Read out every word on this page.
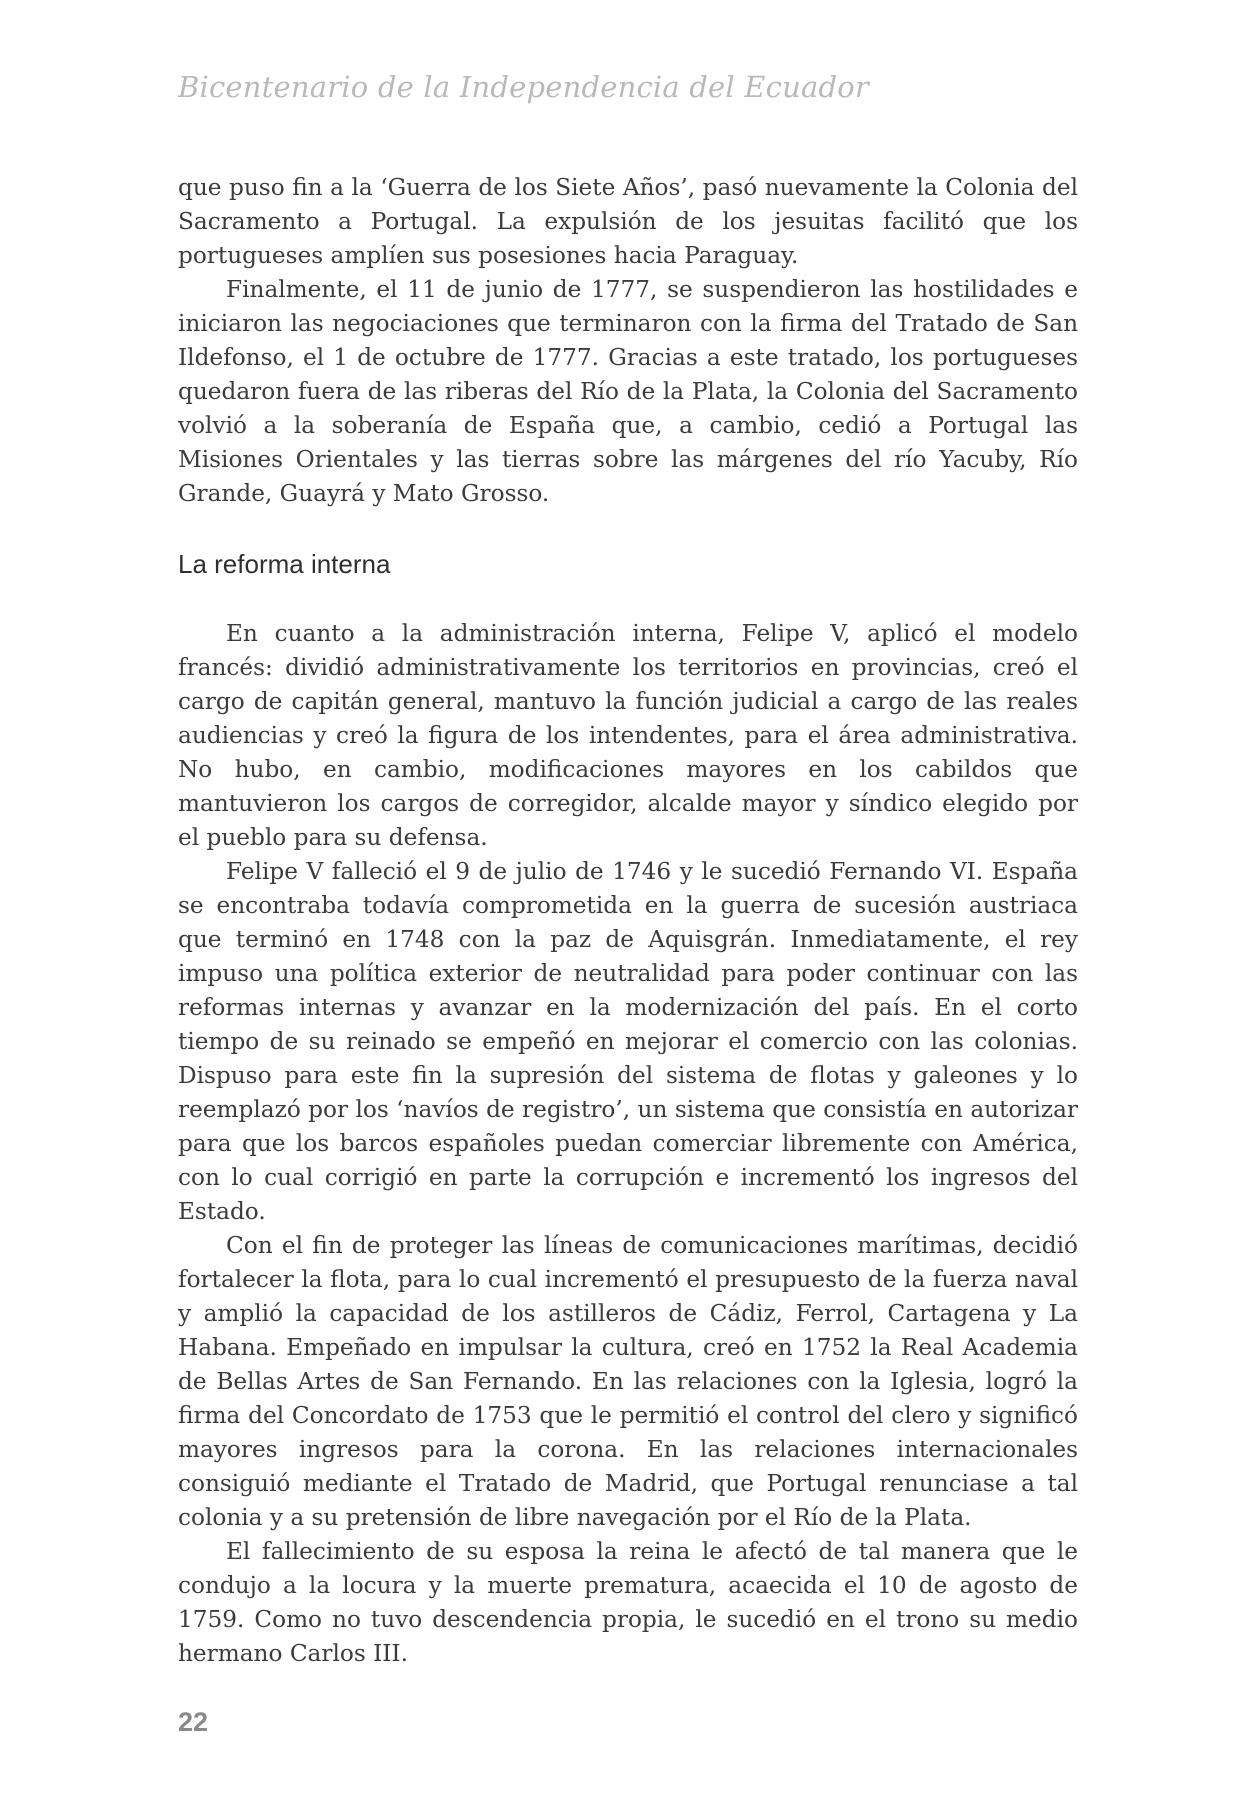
Bicentenario de la Independencia del Ecuador

que puso fin a la ‘Guerra de los Siete Años’, pasó nuevamente la Colonia del Sacramento a Portugal. La expulsión de los jesuitas facilitó que los portugueses amplíen sus posesiones hacia Paraguay.

Finalmente, el 11 de junio de 1777, se suspendieron las hostilidades e iniciaron las negociaciones que terminaron con la firma del Tratado de San Ildefonso, el 1 de octubre de 1777. Gracias a este tratado, los portugueses quedaron fuera de las riberas del Río de la Plata, la Colonia del Sacramento volvió a la soberanía de España que, a cambio, cedió a Portugal las Misiones Orientales y las tierras sobre las márgenes del río Yacuby, Río Grande, Guayrá y Mato Grosso.

La reforma interna

En cuanto a la administración interna, Felipe V, aplicó el modelo francés: dividió administrativamente los territorios en provincias, creó el cargo de capitán general, mantuvo la función judicial a cargo de las reales audiencias y creó la figura de los intendentes, para el área administrativa. No hubo, en cambio, modificaciones mayores en los cabildos que mantuvieron los cargos de corregidor, alcalde mayor y síndico elegido por el pueblo para su defensa.

Felipe V falleció el 9 de julio de 1746 y le sucedió Fernando VI. España se encontraba todavía comprometida en la guerra de sucesión austriaca que terminó en 1748 con la paz de Aquisgrán. Inmediatamente, el rey impuso una política exterior de neutralidad para poder continuar con las reformas internas y avanzar en la modernización del país. En el corto tiempo de su reinado se empeñó en mejorar el comercio con las colonias. Dispuso para este fin la supresión del sistema de flotas y galeones y lo reemplazó por los ‘navíos de registro’, un sistema que consistía en autorizar para que los barcos españoles puedan comerciar libremente con América, con lo cual corrigió en parte la corrupción e incrementó los ingresos del Estado.

Con el fin de proteger las líneas de comunicaciones marítimas, decidió fortalecer la flota, para lo cual incrementó el presupuesto de la fuerza naval y amplió la capacidad de los astilleros de Cádiz, Ferrol, Cartagena y La Habana. Empeñado en impulsar la cultura, creó en 1752 la Real Academia de Bellas Artes de San Fernando. En las relaciones con la Iglesia, logró la firma del Concordato de 1753 que le permitió el control del clero y significó mayores ingresos para la corona. En las relaciones internacionales consiguió mediante el Tratado de Madrid, que Portugal renunciase a tal colonia y a su pretensión de libre navegación por el Río de la Plata.

El fallecimiento de su esposa la reina le afectó de tal manera que le condujo a la locura y la muerte prematura, acaecida el 10 de agosto de 1759. Como no tuvo descendencia propia, le sucedió en el trono su medio hermano Carlos III.

22
